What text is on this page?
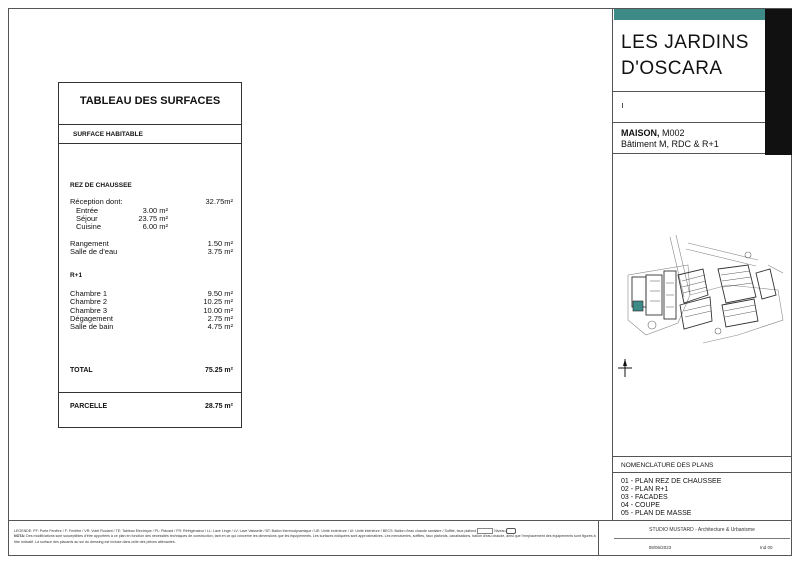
TABLEAU DES SURFACES
SURFACE HABITABLE
REZ DE CHAUSSEE
Réception dont:	32.75m²
Entrée	3.00 m²
Séjour	23.75 m²
Cuisine	6.00 m²
Rangement	1.50 m²
Salle de d'eau	3.75 m²
R+1
Chambre 1	9.50 m²
Chambre 2	10.25 m²
Chambre 3	10.00 m²
Dégagement	2.75 m²
Salle de bain	4.75 m²
TOTAL	75.25 m²
PARCELLE	28.75 m²
LES JARDINS
D'OSCARA
MAISON, M002
Bâtiment M, RDC & R+1
NOMENCLATURE DES PLANS
01 - PLAN REZ DE CHAUSSEE
02 - PLAN R+1
03 - FACADES
04 - COUPE
05 - PLAN DE MASSE
LEGENDE: PF: Porte Fenêtre / F: Fenêtre / VR: Volet Roulant / TE: Tableau Electrique / PL: Placard / FR: Réfrigérateur / LL: Lave Linge / LV: Lave Vaisselle / BT: Ballon thermodynamique / UE: Unité extérieure / UI: Unité intérieure / BECS: Ballon d'eau chaude sanitaire / Soffite, faux plafond	Niveau
NOTA: Des modifications sont susceptibles d'être apportées à ce plan en fonction des nécessités techniques de construction, tant en ce qui concerne les dimensions que les équipements. Les surfaces indiquées sont approximatives. Les menuiseries, soffites, faux plafonds, canalisations, ballon d'eau chaude, ainsi que l'emplacement des équipements sont figurés à titre indicatif. La surface des placards au sol du dressing est incluse dans celle des pièces attenantes.
STUDIO MUSTARD - Architecture & Urbanisme
08/06/2023	Ind 00
